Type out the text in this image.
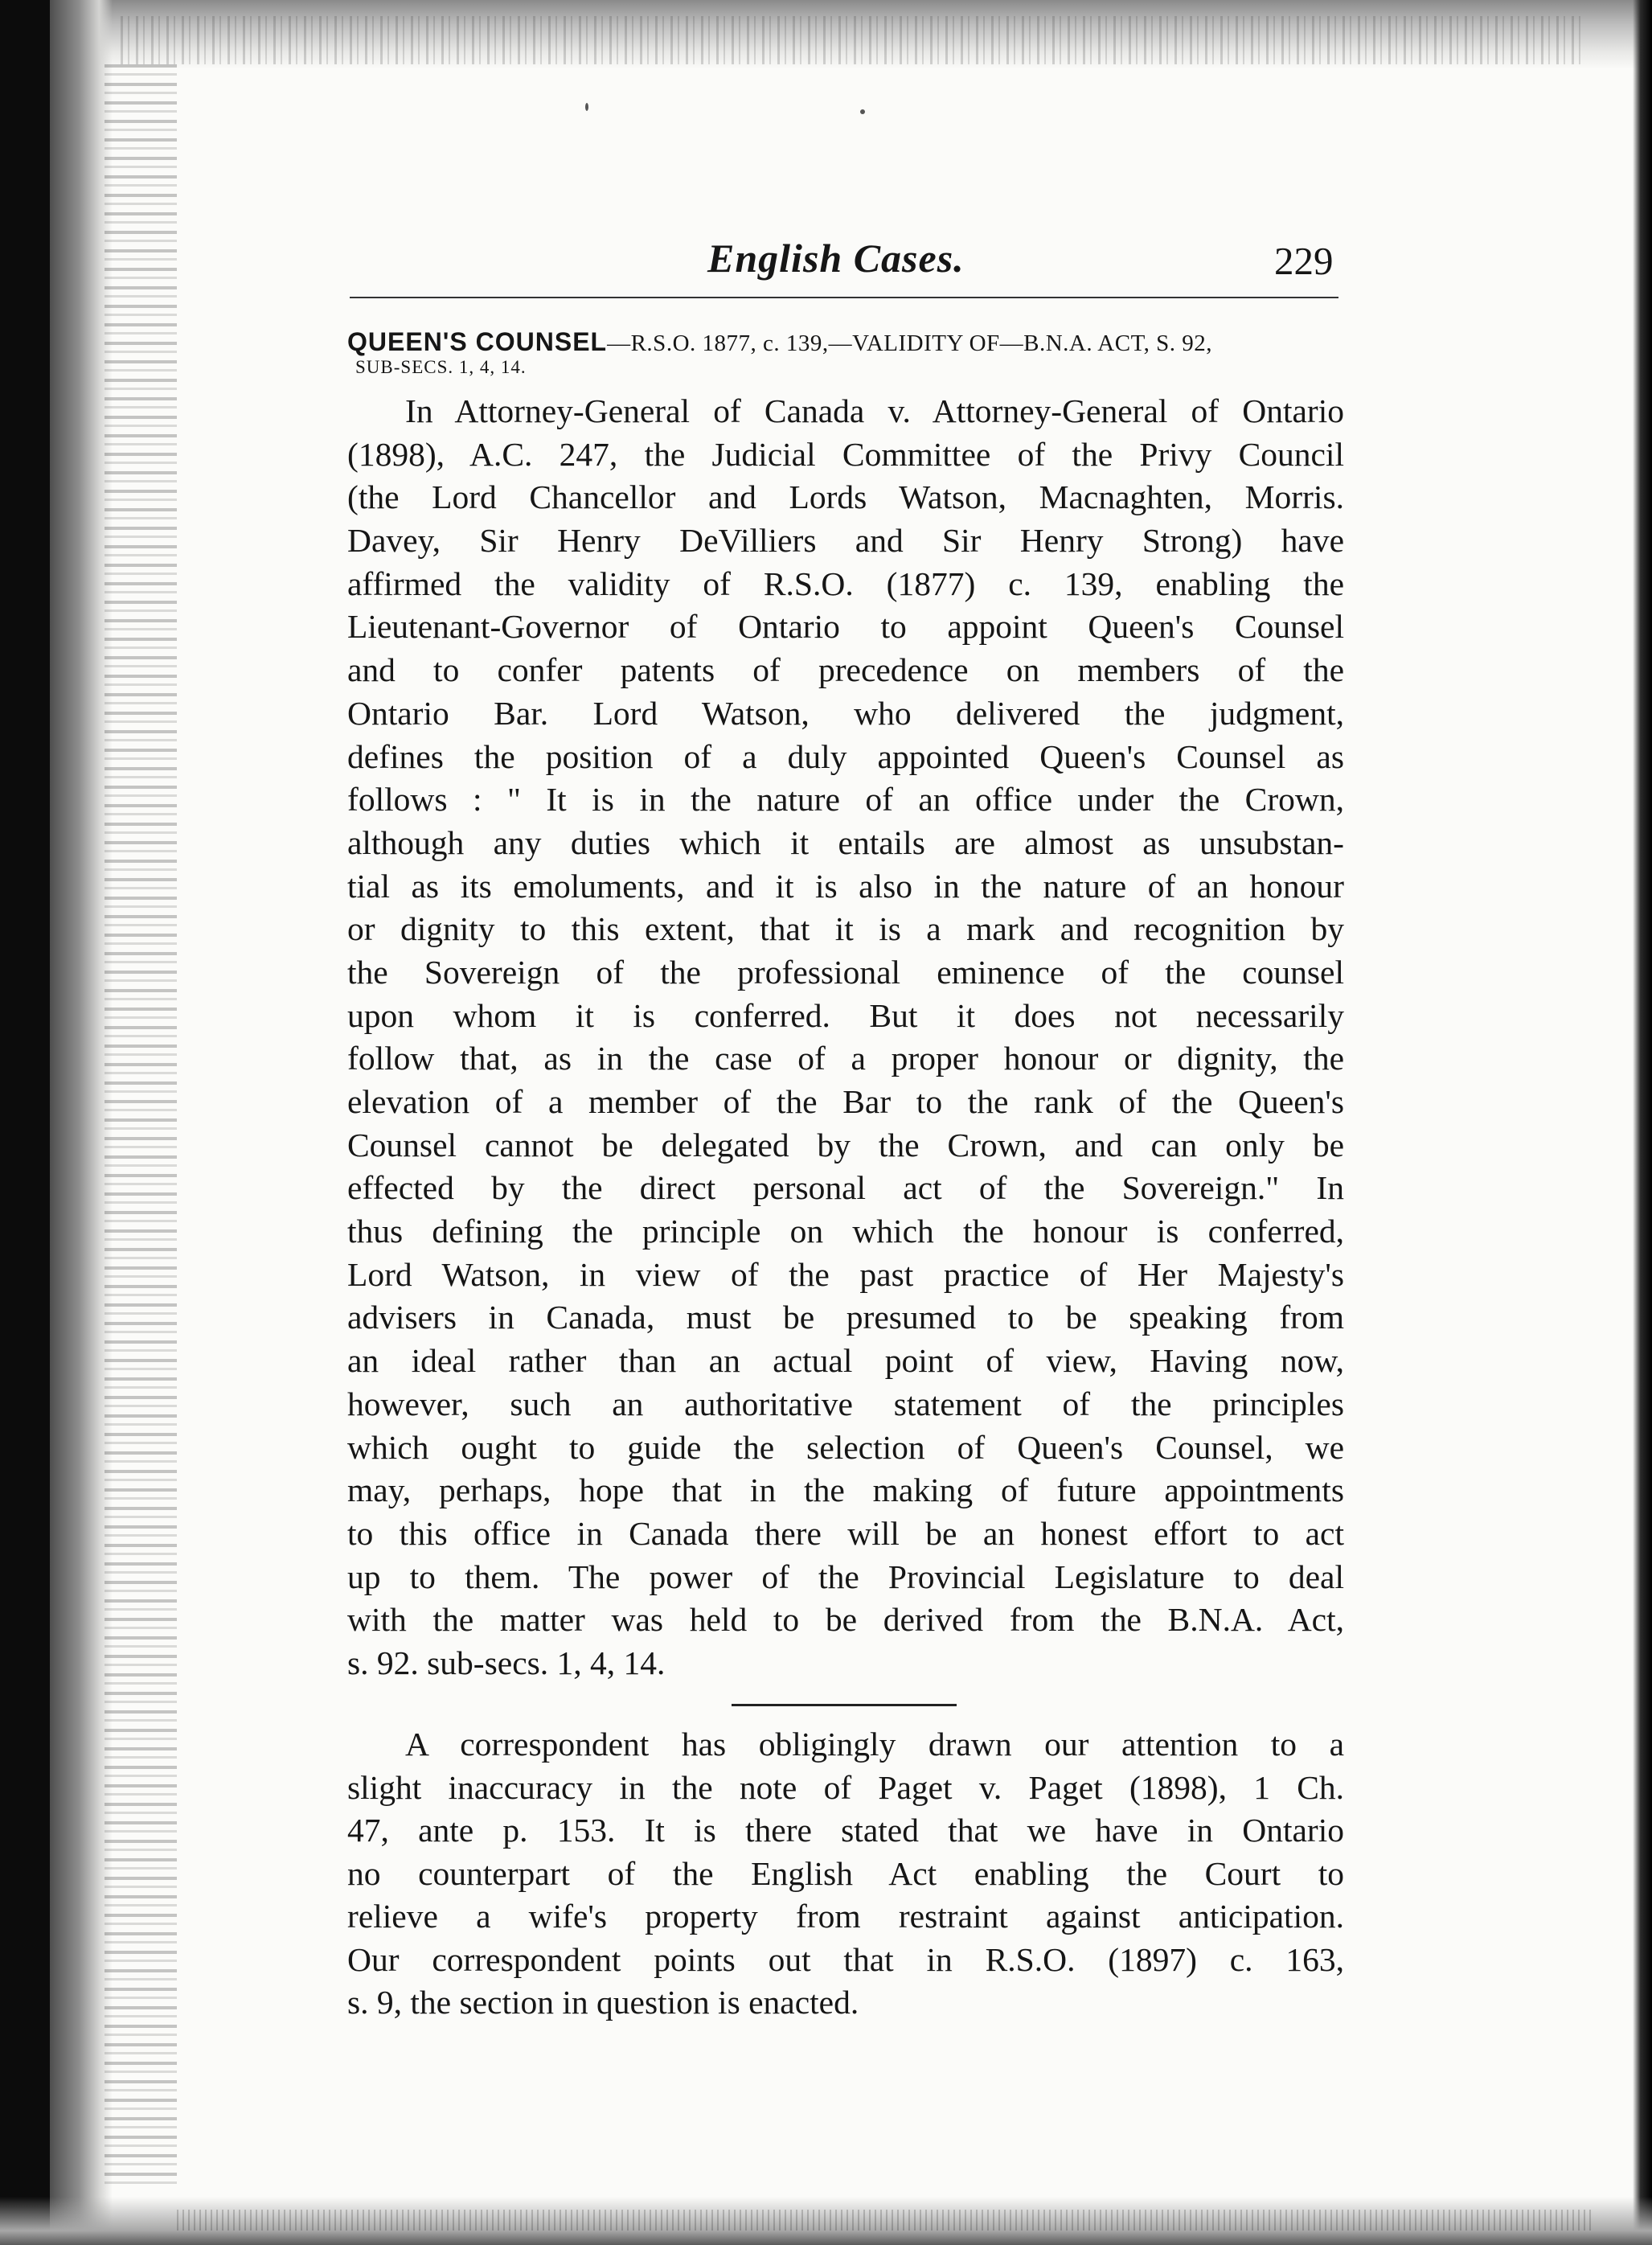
English Cases.	229
QUEEN'S COUNSEL—R.S.O. 1877, c. 139,—VALIDITY OF—B.N.A. ACT, S. 92,
SUB-SECS. 1, 4, 14.
In Attorney-General of Canada v. Attorney-General of Ontario
(1898), A.C. 247, the Judicial Committee of the Privy Council
(the Lord Chancellor and Lords Watson, Macnaghten, Morris.
Davey, Sir Henry DeVilliers and Sir Henry Strong) have
affirmed the validity of R.S.O. (1877) c. 139, enabling the
Lieutenant-Governor of Ontario to appoint Queen's Counsel
and to confer patents of precedence on members of the
Ontario Bar. Lord Watson, who delivered the judgment,
defines the position of a duly appointed Queen's Counsel as
follows : " It is in the nature of an office under the Crown,
although any duties which it entails are almost as unsubstan-
tial as its emoluments, and it is also in the nature of an honour
or dignity to this extent, that it is a mark and recognition by
the Sovereign of the professional eminence of the counsel
upon whom it is conferred. But it does not necessarily
follow that, as in the case of a proper honour or dignity, the
elevation of a member of the Bar to the rank of the Queen's
Counsel cannot be delegated by the Crown, and can only be
effected by the direct personal act of the Sovereign." In
thus defining the principle on which the honour is conferred,
Lord Watson, in view of the past practice of Her Majesty's
advisers in Canada, must be presumed to be speaking from
an ideal rather than an actual point of view, Having now,
however, such an authoritative statement of the principles
which ought to guide the selection of Queen's Counsel, we
may, perhaps, hope that in the making of future appointments
to this office in Canada there will be an honest effort to act
up to them. The power of the Provincial Legislature to deal
with the matter was held to be derived from the B.N.A. Act,
s. 92. sub-secs. 1, 4, 14.
A correspondent has obligingly drawn our attention to a
slight inaccuracy in the note of Paget v. Paget (1898), 1 Ch.
47, ante p. 153. It is there stated that we have in Ontario
no counterpart of the English Act enabling the Court to
relieve a wife's property from restraint against anticipation.
Our correspondent points out that in R.S.O. (1897) c. 163,
s. 9, the section in question is enacted.
